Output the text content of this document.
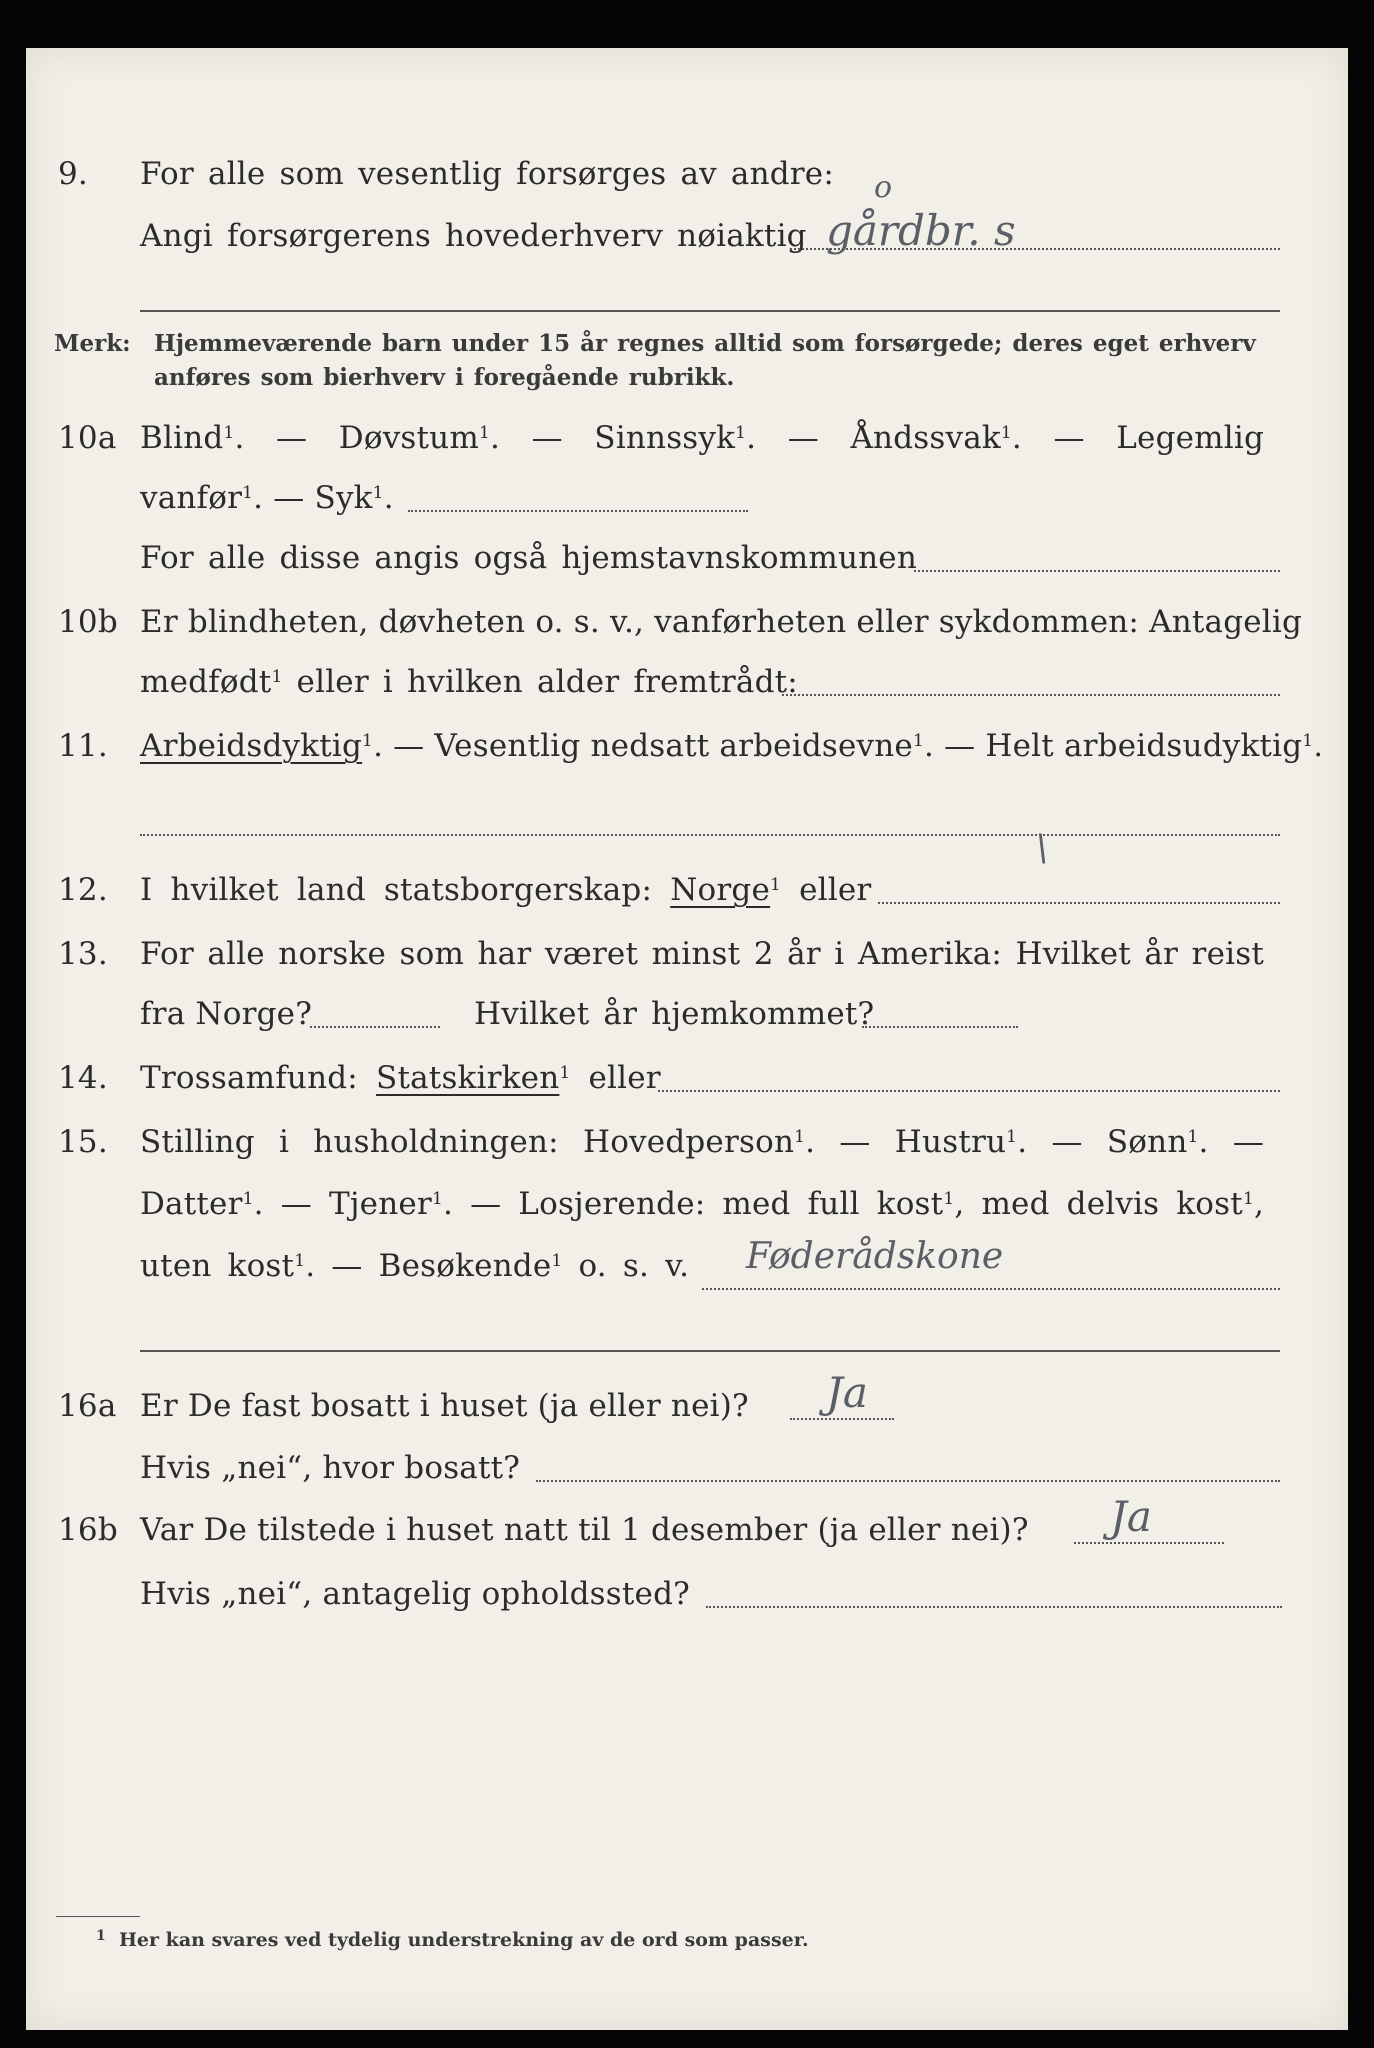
9.	For alle som vesentlig forsørges av andre: o
Angi forsørgerens hovederhverv nøiaktig gårdbr. s
Merk: Hjemmeværende barn under 15 år regnes alltid som forsørgede; deres eget erhverv
anføres som bierhverv i foregående rubrikk.
10a Blind$^1$. — Døvstum$^1$. — Sinnssyk$^1$. — Åndssvak$^1$. — Legemlig
vanfør$^1$. — Syk$^1$.
For alle disse angis også hjemstavnskommunen
10b Er blindheten, døvheten o. s. v., vanførheten eller sykdommen: Antagelig
medfødt$^1$ eller i hvilken alder fremtrådt:
11.	Arbeidsdyktig$^1$. — Vesentlig nedsatt arbeidsevne$^1$. — Helt arbeidsudyktig$^1$.
\
12.	I hvilket land statsborgerskap: Norge$^1$ eller
13.	For alle norske som har været minst 2 år i Amerika: Hvilket år reist
fra Norge?	Hvilket år hjemkommet?
14.	Trossamfund: Statskirken$^1$ eller
15.	Stilling i husholdningen: Hovedperson$^1$. — Hustru$^1$. — Sønn$^1$. —
Datter$^1$. — Tjener$^1$. — Losjerende: med full kost$^1$, med delvis kost$^1$,
uten kost$^1$. — Besøkende$^1$ o. s. v. Føderådskone
16a Er De fast bosatt i huset (ja eller nei)? Ja
Hvis „nei“, hvor bosatt?
16b Var De tilstede i huset natt til 1 desember (ja eller nei)? Ja
Hvis „nei“, antagelig opholdssted?
$^1$ Her kan svares ved tydelig understrekning av de ord som passer.
